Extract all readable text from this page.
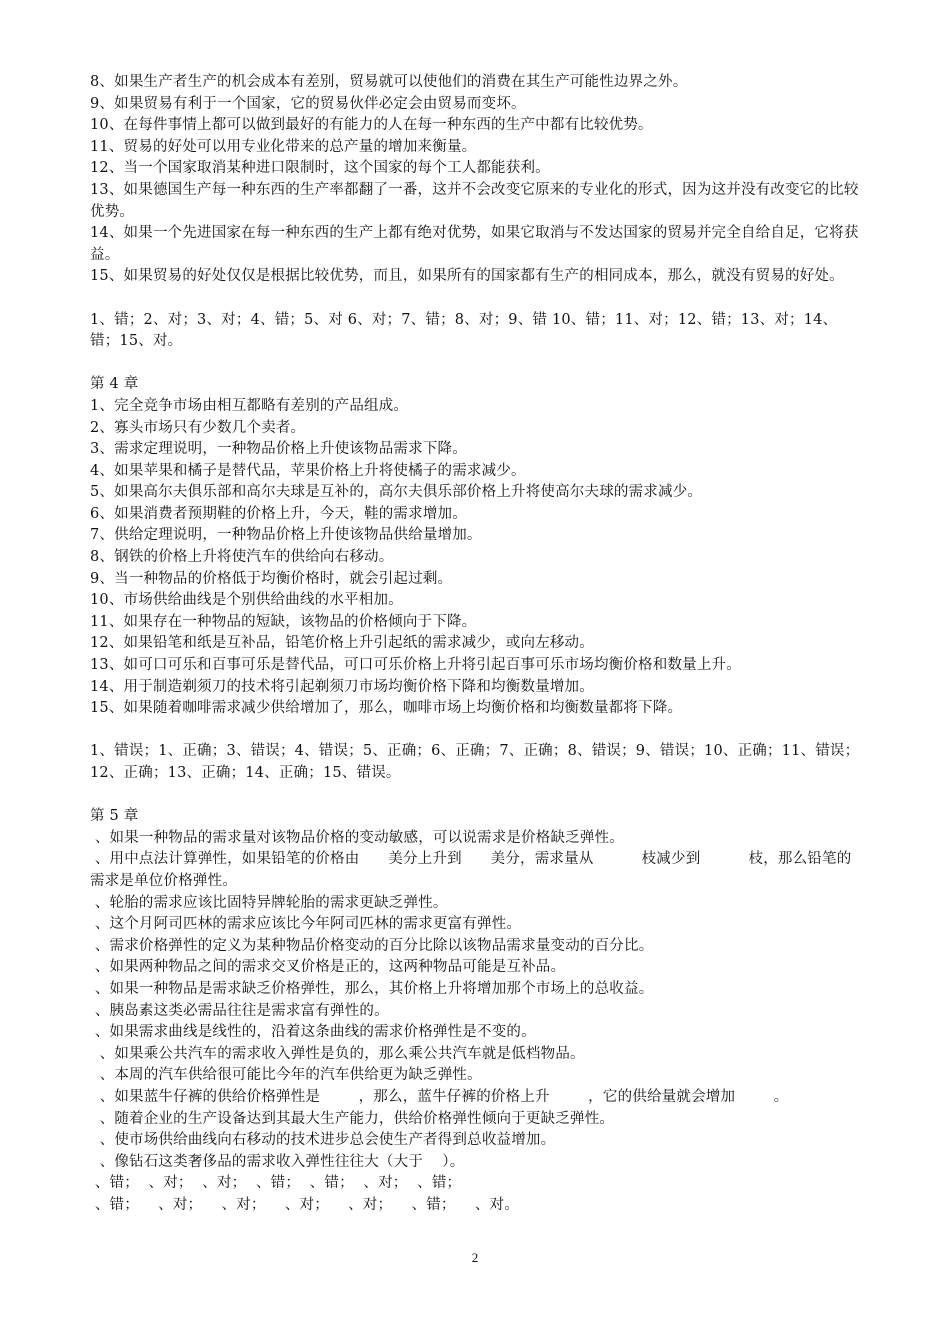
8、如果生产者生产的机会成本有差别，贸易就可以使他们的消费在其生产可能性边界之外。
9、如果贸易有利于一个国家，它的贸易伙伴必定会由贸易而变坏。
10、在每件事情上都可以做到最好的有能力的人在每一种东西的生产中都有比较优势。
11、贸易的好处可以用专业化带来的总产量的增加来衡量。
12、当一个国家取消某种进口限制时，这个国家的每个工人都能获利。
13、如果德国生产每一种东西的生产率都翻了一番，这并不会改变它原来的专业化的形式，因为这并没有改变它的比较优势。
14、如果一个先进国家在每一种东西的生产上都有绝对优势，如果它取消与不发达国家的贸易并完全自给自足，它将获益。
15、如果贸易的好处仅仅是根据比较优势，而且，如果所有的国家都有生产的相同成本，那么，就没有贸易的好处。
1、错；2、对；3、对；4、错；5、对 6、对；7、错；8、对；9、错 10、错；11、对；12、错；13、对；14、错；15、对。
第 4 章
1、完全竞争市场由相互都略有差别的产品组成。
2、寡头市场只有少数几个卖者。
3、需求定理说明，一种物品价格上升使该物品需求下降。
4、如果苹果和橘子是替代品，苹果价格上升将使橘子的需求减少。
5、如果高尔夫俱乐部和高尔夫球是互补的，高尔夫俱乐部价格上升将使高尔夫球的需求减少。
6、如果消费者预期鞋的价格上升，今天，鞋的需求增加。
7、供给定理说明，一种物品价格上升使该物品供给量增加。
8、钢铁的价格上升将使汽车的供给向右移动。
9、当一种物品的价格低于均衡价格时，就会引起过剩。
10、市场供给曲线是个别供给曲线的水平相加。
11、如果存在一种物品的短缺，该物品的价格倾向于下降。
12、如果铅笔和纸是互补品，铅笔价格上升引起纸的需求减少，或向左移动。
13、如可口可乐和百事可乐是替代品，可口可乐价格上升将引起百事可乐市场均衡价格和数量上升。
14、用于制造剃须刀的技术将引起剃须刀市场均衡价格下降和均衡数量增加。
15、如果随着咖啡需求减少供给增加了，那么，咖啡市场上均衡价格和均衡数量都将下降。
1、错误；1、正确；3、错误；4、错误；5、正确；6、正确；7、正确；8、错误；9、错误；10、正确；11、错误；12、正确；13、正确；14、正确；15、错误。
第 5 章
、如果一种物品的需求量对该物品价格的变动敏感，可以说需求是价格缺乏弹性。
、用中点法计算弹性，如果铅笔的价格由      美分上升到      美分，需求量从          枝减少到          枝，那么铅笔的需求是单位价格弹性。
、轮胎的需求应该比固特异牌轮胎的需求更缺乏弹性。
、这个月阿司匹林的需求应该比今年阿司匹林的需求更富有弹性。
、需求价格弹性的定义为某种物品价格变动的百分比除以该物品需求量变动的百分比。
、如果两种物品之间的需求交叉价格是正的，这两种物品可能是互补品。
、如果一种物品是需求缺乏价格弹性，那么，其价格上升将增加那个市场上的总收益。
、胰岛素这类必需品往往是需求富有弹性的。
、如果需求曲线是线性的，沿着这条曲线的需求价格弹性是不变的。
、如果乘公共汽车的需求收入弹性是负的，那么乘公共汽车就是低档物品。
、本周的汽车供给很可能比今年的汽车供给更为缺乏弹性。
、如果蓝牛仔裤的供给价格弹性是        ，那么，蓝牛仔裤的价格上升        ，它的供给量就会增加        。
、随着企业的生产设备达到其最大生产能力，供给价格弹性倾向于更缺乏弹性。
、使市场供给曲线向右移动的技术进步总会使生产者得到总收益增加。
、像钻石这类奢侈品的需求收入弹性往往大（大于    ）。
、错；  、对；  、对；  、错；  、错；  、对；  、错；
、错；    、对；    、对；    、对；    、对；    、错；    、对。
2
